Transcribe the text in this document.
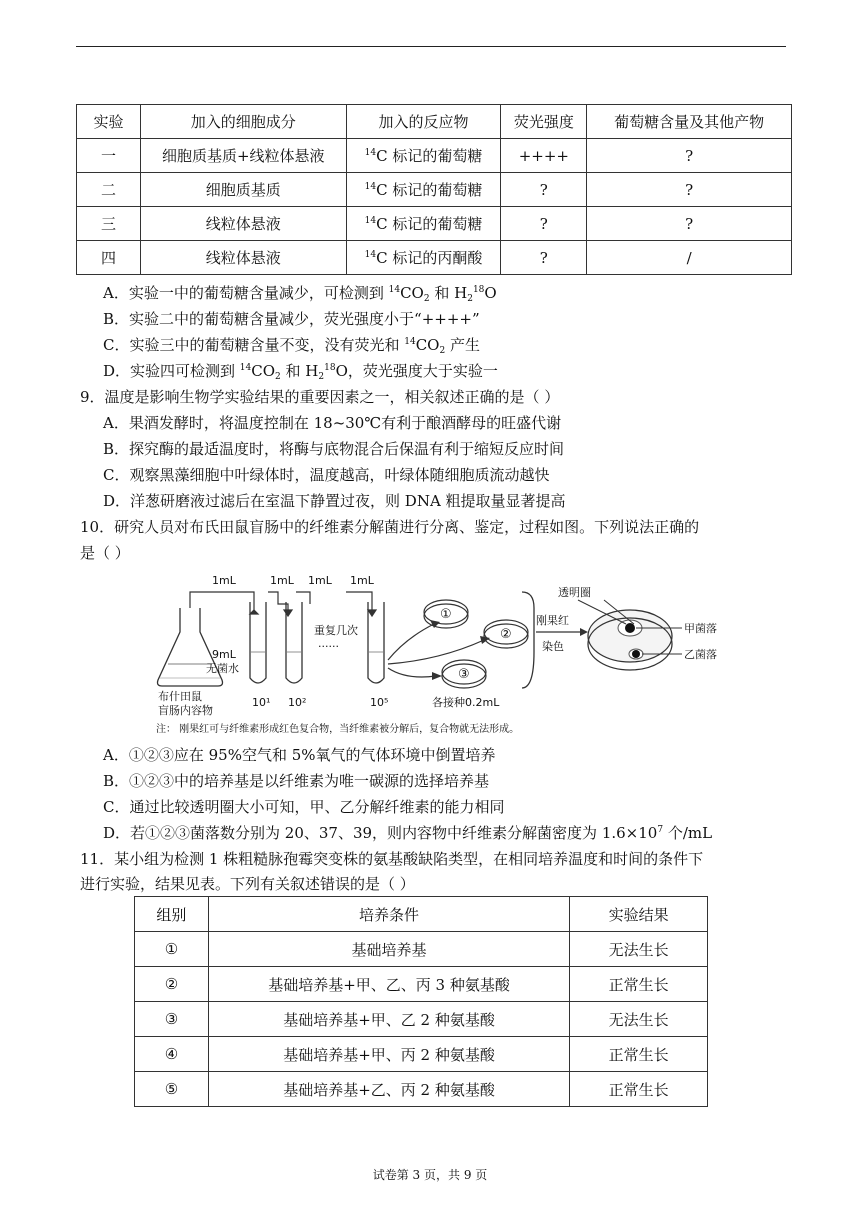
实验	加入的细胞成分	加入的反应物	荧光强度	葡萄糖含量及其他产物
一	细胞质基质+线粒体悬液	$^{14}$C 标记的葡萄糖	++++	?
二	细胞质基质	$^{14}$C 标记的葡萄糖	?	?
三	线粒体悬液	$^{14}$C 标记的葡萄糖	?	?
四	线粒体悬液	$^{14}$C 标记的丙酮酸	?	/
A．实验一中的葡萄糖含量减少，可检测到 $^{14}CO_2$ 和 $H_2^{18}O$
B．实验二中的葡萄糖含量减少，荧光强度小于“++++”
C．实验三中的葡萄糖含量不变，没有荧光和 $^{14}CO_2$ 产生
D．实验四可检测到 $^{14}CO_2$ 和 $H_2^{18}O$，荧光强度大于实验一
9．温度是影响生物学实验结果的重要因素之一，相关叙述正确的是（ ）
A．果酒发酵时，将温度控制在 18~30℃有利于酿酒酵母的旺盛代谢
B．探究酶的最适温度时，将酶与底物混合后保温有利于缩短反应时间
C．观察黑藻细胞中叶绿体时，温度越高，叶绿体随细胞质流动越快
D．洋葱研磨液过滤后在室温下静置过夜，则 DNA 粗提取量显著提高
10．研究人员对布氏田鼠盲肠中的纤维素分解菌进行分离、鉴定，过程如图。下列说法正确的
是（ ）
1mL	1mL 1mL 1mL
9mL
无菌水
布什田鼠
盲肠内容物
10¹ 10²	10⁵
重复几次
······
①
②
③
各接种0.2mL
刚果红
染色
透明圈
甲菌落
乙菌落
注： 刚果红可与纤维素形成红色复合物，当纤维素被分解后，复合物就无法形成。
A．①②③应在 95%空气和 5%氧气的气体环境中倒置培养
B．①②③中的培养基是以纤维素为唯一碳源的选择培养基
C．通过比较透明圈大小可知，甲、乙分解纤维素的能力相同
D．若①②③菌落数分别为 20、37、39，则内容物中纤维素分解菌密度为 $1.6\times 10^7$ 个/mL
11．某小组为检测 1 株粗糙脉孢霉突变株的氨基酸缺陷类型，在相同培养温度和时间的条件下
进行实验，结果见表。下列有关叙述错误的是（ ）
组别	培养条件	实验结果
①	基础培养基	无法生长
②	基础培养基+甲、乙、丙 3 种氨基酸	正常生长
③	基础培养基+甲、乙 2 种氨基酸	无法生长
④	基础培养基+甲、丙 2 种氨基酸	正常生长
⑤	基础培养基+乙、丙 2 种氨基酸	正常生长
试卷第 3 页，共 9 页
